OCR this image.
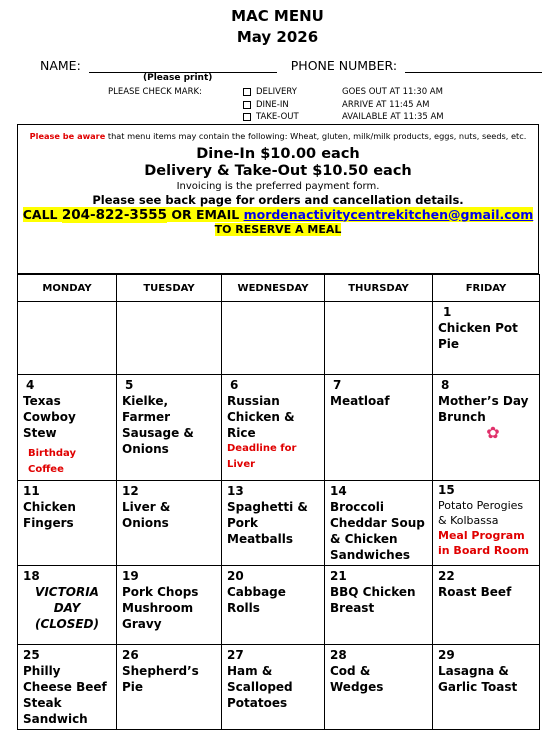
MAC MENU
May 2026
NAME:	PHONE NUMBER:
(Please print)
PLEASE CHECK MARK:	DELIVERY	GOES OUT AT 11:30 AM
DINE-IN	ARRIVE AT 11:45 AM
TAKE-OUT	AVAILABLE AT 11:35 AM
Please be aware that menu items may contain the following: Wheat, gluten, milk/milk products, eggs, nuts, seeds, etc.
Dine-In $10.00 each
Delivery & Take-Out $10.50 each
Invoicing is the preferred payment form.
Please see back page for orders and cancellation details.
CALL 204-822-3555 OR EMAIL mordenactivitycentrekitchen@gmail.com
TO RESERVE A MEAL
MONDAY	TUESDAY	WEDNESDAY	THURSDAY	FRIDAY

				1
Chicken Pot Pie

4
Texas Cowboy Stew
Birthday Coffee	5
Kielke, Farmer Sausage & Onions	6
Russian Chicken & Rice
Deadline for Liver	7
Meatloaf	8
Mother’s Day Brunch
✿

11
Chicken Fingers	12
Liver & Onions	13
Spaghetti & Pork Meatballs	14
Broccoli Cheddar Soup & Chicken Sandwiches	15
Potato Perogies & Kolbassa
Meal Program in Board Room

18
VICTORIA DAY (CLOSED)	19
Pork Chops Mushroom Gravy	20
Cabbage Rolls	21
BBQ Chicken Breast	22
Roast Beef

25
Philly Cheese Beef Steak Sandwich	26
Shepherd’s Pie	27
Ham & Scalloped Potatoes	28
Cod & Wedges	29
Lasagna & Garlic Toast
